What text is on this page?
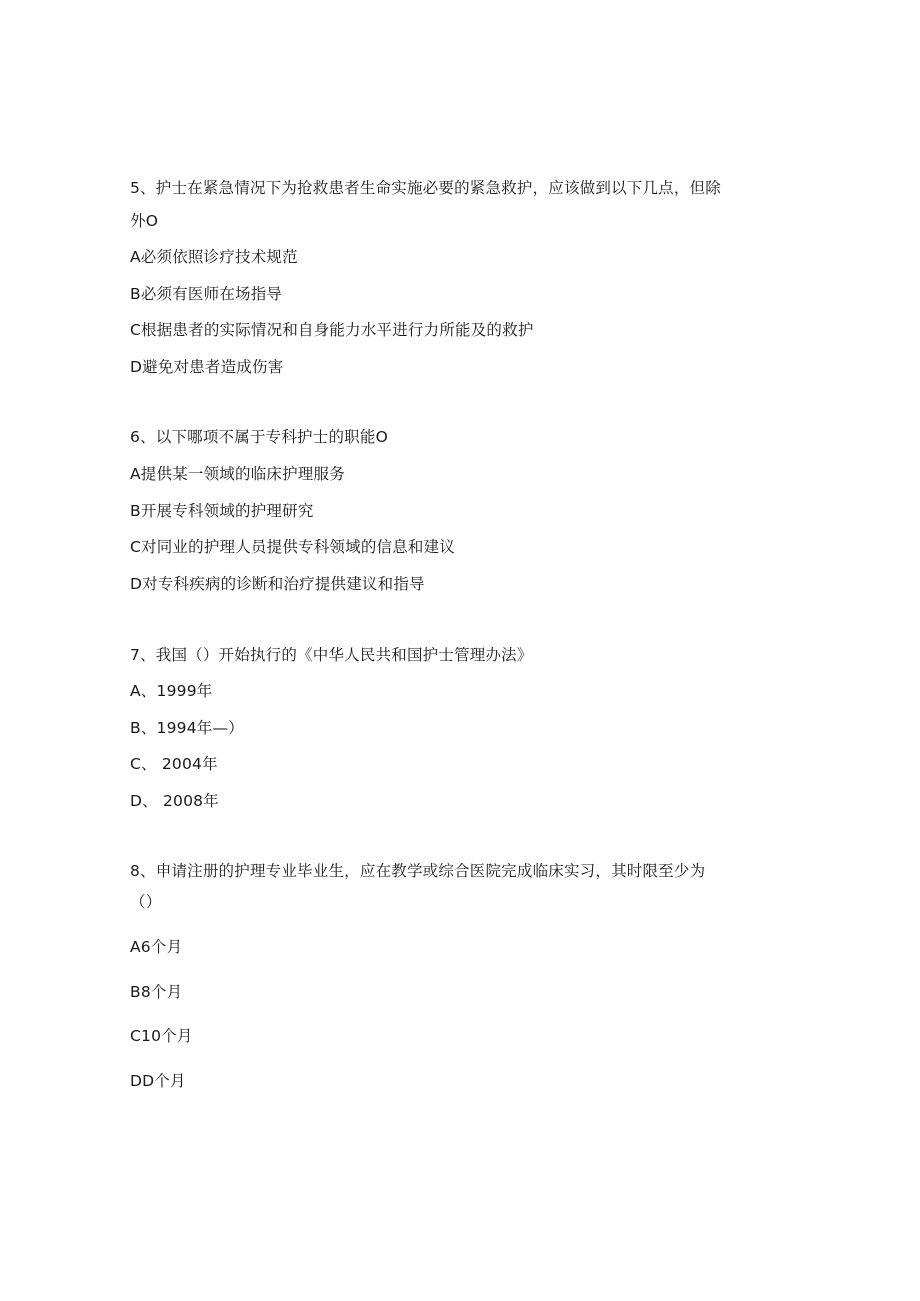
5、护士在紧急情况下为抢救患者生命实施必要的紧急救护，应该做到以下几点，但除
外O
A必须依照诊疗技术规范
B必须有医师在场指导
C根据患者的实际情况和自身能力水平进行力所能及的救护
D避免对患者造成伤害
6、以下哪项不属于专科护士的职能O
A提供某一领域的临床护理服务
B开展专科领域的护理研究
C对同业的护理人员提供专科领域的信息和建议
D对专科疾病的诊断和治疗提供建议和指导
7、我国（）开始执行的《中华人民共和国护士管理办法》
A、1999年
B、1994年—）
C、 2004年
D、 2008年
8、申请注册的护理专业毕业生，应在教学或综合医院完成临床实习，其时限至少为
（）
A6个月
B8个月
C10个月
DD个月
